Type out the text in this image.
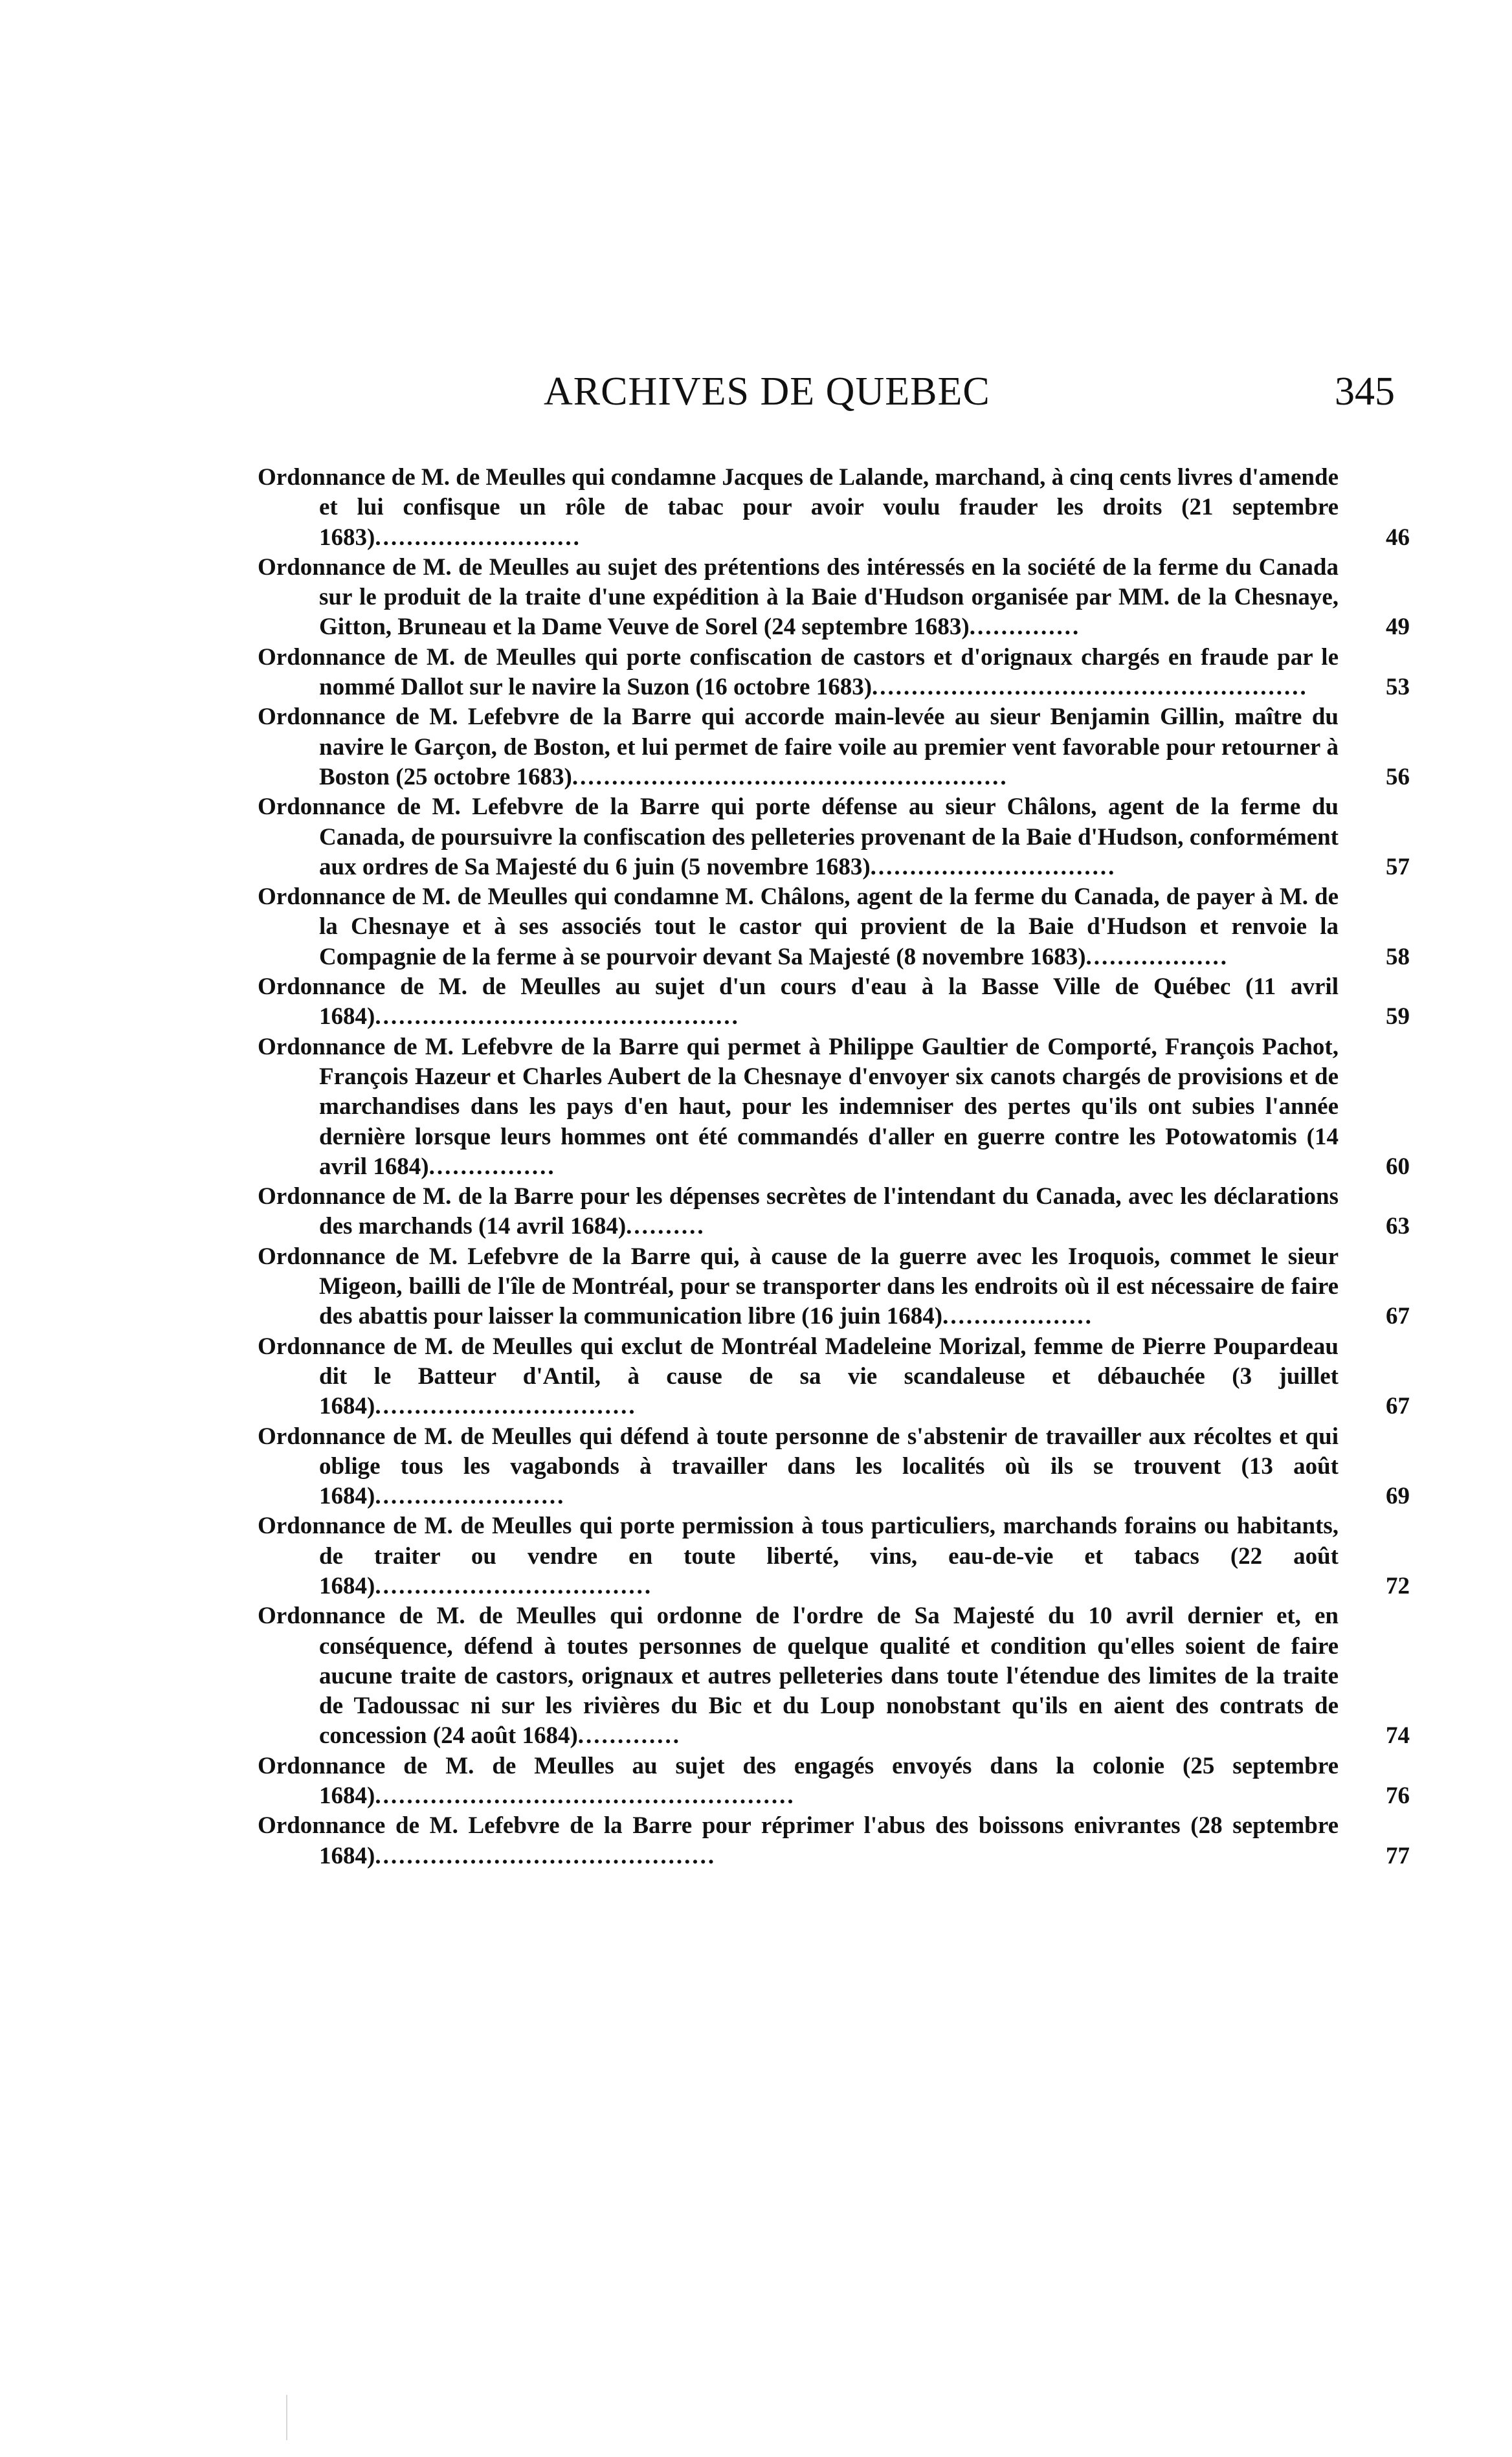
ARCHIVES DE QUEBEC	345
Ordonnance de M. de Meulles qui condamne Jacques de Lalande, marchand, à cinq cents livres d'amende et lui confisque un rôle de tabac pour avoir voulu frauder les droits (21 septembre 1683)..........................	46
Ordonnance de M. de Meulles au sujet des prétentions des intéressés en la société de la ferme du Canada sur le produit de la traite d'une expédition à la Baie d'Hudson organisée par MM. de la Chesnaye, Gitton, Bruneau et la Dame Veuve de Sorel (24 septembre 1683)..............	49
Ordonnance de M. de Meulles qui porte confiscation de castors et d'orignaux chargés en fraude par le nommé Dallot sur le navire la Suzon (16 octobre 1683).......................................................	53
Ordonnance de M. Lefebvre de la Barre qui accorde main-levée au sieur Benjamin Gillin, maître du navire le Garçon, de Boston, et lui permet de faire voile au premier vent favorable pour retourner à Boston (25 octobre 1683).......................................................	56
Ordonnance de M. Lefebvre de la Barre qui porte défense au sieur Châlons, agent de la ferme du Canada, de poursuivre la confiscation des pelleteries provenant de la Baie d'Hudson, conformément aux ordres de Sa Majesté du 6 juin (5 novembre 1683)...............................	57
Ordonnance de M. de Meulles qui condamne M. Châlons, agent de la ferme du Canada, de payer à M. de la Chesnaye et à ses associés tout le castor qui provient de la Baie d'Hudson et renvoie la Compagnie de la ferme à se pourvoir devant Sa Majesté (8 novembre 1683)..................	58
Ordonnance de M. de Meulles au sujet d'un cours d'eau à la Basse Ville de Québec (11 avril 1684)..............................................	59
Ordonnance de M. Lefebvre de la Barre qui permet à Philippe Gaultier de Comporté, François Pachot, François Hazeur et Charles Aubert de la Chesnaye d'envoyer six canots chargés de provisions et de marchandises dans les pays d'en haut, pour les indemniser des pertes qu'ils ont subies l'année dernière lorsque leurs hommes ont été commandés d'aller en guerre contre les Potowatomis (14 avril 1684)................	60
Ordonnance de M. de la Barre pour les dépenses secrètes de l'intendant du Canada, avec les déclarations des marchands (14 avril 1684)..........	63
Ordonnance de M. Lefebvre de la Barre qui, à cause de la guerre avec les Iroquois, commet le sieur Migeon, bailli de l'île de Montréal, pour se transporter dans les endroits où il est nécessaire de faire des abattis pour laisser la communication libre (16 juin 1684)...................	67
Ordonnance de M. de Meulles qui exclut de Montréal Madeleine Morizal, femme de Pierre Poupardeau dit le Batteur d'Antil, à cause de sa vie scandaleuse et débauchée (3 juillet 1684).................................	67
Ordonnance de M. de Meulles qui défend à toute personne de s'abstenir de travailler aux récoltes et qui oblige tous les vagabonds à travailler dans les localités où ils se trouvent (13 août 1684)........................	69
Ordonnance de M. de Meulles qui porte permission à tous particuliers, marchands forains ou habitants, de traiter ou vendre en toute liberté, vins, eau-de-vie et tabacs (22 août 1684)...................................	72
Ordonnance de M. de Meulles qui ordonne de l'ordre de Sa Majesté du 10 avril dernier et, en conséquence, défend à toutes personnes de quelque qualité et condition qu'elles soient de faire aucune traite de castors, orignaux et autres pelleteries dans toute l'étendue des limites de la traite de Tadoussac ni sur les rivières du Bic et du Loup nonobstant qu'ils en aient des contrats de concession (24 août 1684).............	74
Ordonnance de M. de Meulles au sujet des engagés envoyés dans la colonie (25 septembre 1684).....................................................	76
Ordonnance de M. Lefebvre de la Barre pour réprimer l'abus des boissons enivrantes (28 septembre 1684)...........................................	77
